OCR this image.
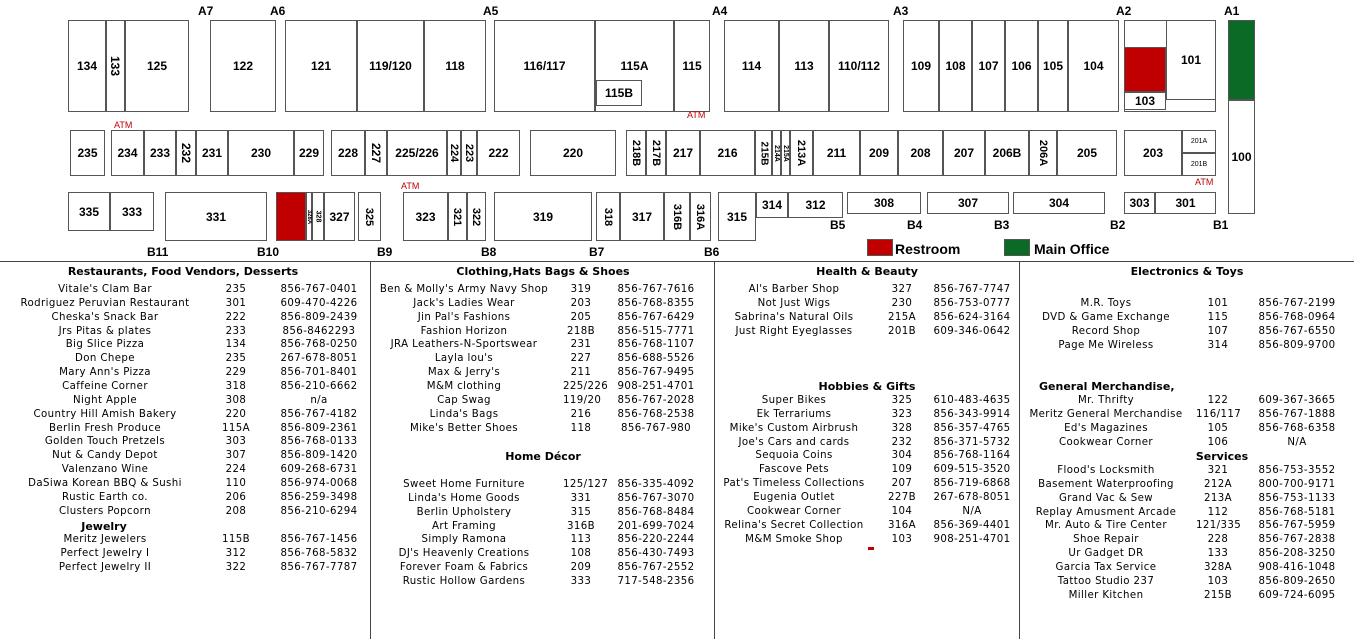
134 133 125	122	121	119/120	118	116/117	115A
115B
115	114	113 110/112	109 108 107 106 105 104
103
101
100
235 234 233 232 231 230 229 228 227 225/226 224 223 222	220	218B 217B 217 216 215B 214A 215A 213A 211 209 208 207 206B 206A 205	203
201A
201B
335 333	331	328A 328 327 325	323 321 322	319	318 317 316B 316A 315
314 312	308	307	304	303 301
A7	A6	A5	A4	A3	A2	A1
B11	B10	B9	B8	B7	B6
B5	B4	B3	B2	B1
ATM
ATM
ATM
ATM
Restroom	Main Office
Restaurants, Food Vendors, Desserts
Vitale's Clam Bar	235	856-767-0401
Rodriguez Peruvian Restaurant	301	609-470-4226
Cheska's Snack Bar	222	856-809-2439
Jrs Pitas & plates	233	856-8462293
Big Slice Pizza	134	856-768-0250
Don Chepe	235	267-678-8051
Mary Ann's Pizza	229	856-701-8401
Caffeine Corner	318	856-210-6662
Night Apple	308	n/a
Country Hill Amish Bakery	220	856-767-4182
Berlin Fresh Produce	115A	856-809-2361
Golden Touch Pretzels	303	856-768-0133
Nut & Candy Depot	307	856-809-1420
Valenzano Wine	224	609-268-6731
DaSiwa Korean BBQ & Sushi	110	856-974-0068
Rustic Earth co.	206	856-259-3498
Clusters Popcorn	208	856-210-6294
Jewelry
Meritz Jewelers	115B	856-767-1456
Perfect Jewelry I	312	856-768-5832
Perfect Jewelry II	322	856-767-7787
Clothing,Hats Bags & Shoes
Ben & Molly's Army Navy Shop	319	856-767-7616
Jack's Ladies Wear	203	856-768-8355
Jin Pal's Fashions	205	856-767-6429
Fashion Horizon	218B	856-515-7771
JRA Leathers-N-Sportswear	231	856-768-1107
Layla lou's	227	856-688-5526
Max & Jerry's	211	856-767-9495
M&M clothing	225/226 908-251-4701
Cap Swag	119/20	856-767-2028
Linda's Bags	216	856-768-2538
Mike's Better Shoes	118	856-767-980
Home Décor
Sweet Home Furniture	125/127 856-335-4092
Linda's Home Goods	331	856-767-3070
Berlin Upholstery	315	856-768-8484
Art Framing	316B	201-699-7024
Simply Ramona	113	856-220-2244
DJ's Heavenly Creations	108	856-430-7493
Forever Foam & Fabrics	209	856-767-2552
Rustic Hollow Gardens	333	717-548-2356
Health & Beauty
Al's Barber Shop	327	856-767-7747
Not Just Wigs	230	856-753-0777
Sabrina's Natural Oils	215A	856-624-3164
Just Right Eyeglasses	201B	609-346-0642
Hobbies & Gifts
Super Bikes	325	610-483-4635
Ek Terrariums	323	856-343-9914
Mike's Custom Airbrush	328	856-357-4765
Joe's Cars and cards	232	856-371-5732
Sequoia Coins	304	856-768-1164
Fascove Pets	109	609-515-3520
Pat's Timeless Collections	207	856-719-6868
Eugenia Outlet	227B	267-678-8051
Cookwear Corner	104	N/A
Relina's Secret Collection	316A	856-369-4401
M&M Smoke Shop	103	908-251-4701
Electronics & Toys
M.R. Toys	101	856-767-2199
DVD & Game Exchange	115	856-768-0964
Record Shop	107	856-767-6550
Page Me Wireless	314	856-809-9700
General Merchandise,
Mr. Thrifty	122	609-367-3665
Meritz General Merchandise	116/117	856-767-1888
Ed's Magazines	105	856-768-6358
Cookwear Corner	106	N/A
Services
Flood's Locksmith	321	856-753-3552
Basement Waterproofing	212A	800-700-9171
Grand Vac & Sew	213A	856-753-1133
Replay Amusment Arcade	112	856-768-5181
Mr. Auto & Tire Center	121/335	856-767-5959
Shoe Repair	228	856-767-2838
Ur Gadget DR	133	856-208-3250
Garcia Tax Service	328A	908-416-1048
Tattoo Studio 237	103	856-809-2650
Miller Kitchen	215B	609-724-6095
